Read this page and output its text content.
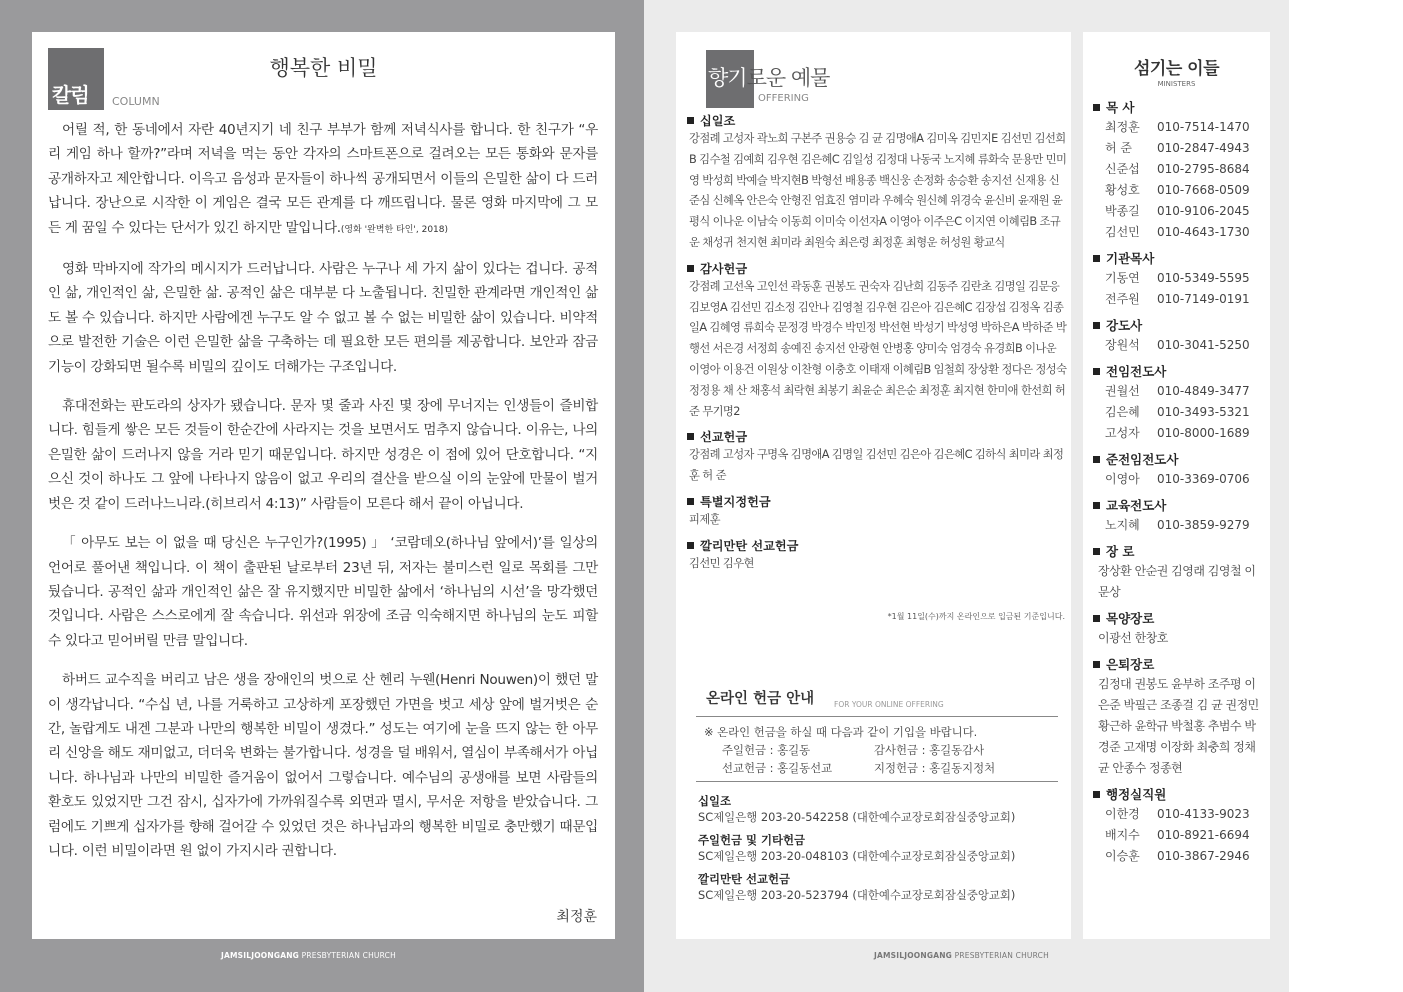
칼럼 COLUMN
행복한 비밀

어릴 적, 한 동네에서 자란 40년지기 네 친구 부부가 함께 저녁식사를 합니다. 한 친구가 “우리 게임 하나 할까?”라며 저녁을 먹는 동안 각자의 스마트폰으로 걸려오는 모든 통화와 문자를 공개하자고 제안합니다. 이윽고 음성과 문자들이 하나씩 공개되면서 이들의 은밀한 삶이 다 드러납니다. 장난으로 시작한 이 게임은 결국 모든 관계를 다 깨뜨립니다. 물론 영화 마지막에 그 모든 게 꿈일 수 있다는 단서가 있긴 하지만 말입니다.(영화 '완벽한 타인', 2018)

영화 막바지에 작가의 메시지가 드러납니다. 사람은 누구나 세 가지 삶이 있다는 겁니다. 공적인 삶, 개인적인 삶, 은밀한 삶. 공적인 삶은 대부분 다 노출됩니다. 친밀한 관계라면 개인적인 삶도 볼 수 있습니다. 하지만 사람에겐 누구도 알 수 없고 볼 수 없는 비밀한 삶이 있습니다. 비약적으로 발전한 기술은 이런 은밀한 삶을 구축하는 데 필요한 모든 편의를 제공합니다. 보안과 잠금기능이 강화되면 될수록 비밀의 깊이도 더해가는 구조입니다.

휴대전화는 판도라의 상자가 됐습니다. 문자 몇 줄과 사진 몇 장에 무너지는 인생들이 즐비합니다. 힘들게 쌓은 모든 것들이 한순간에 사라지는 것을 보면서도 멈추지 않습니다. 이유는, 나의 은밀한 삶이 드러나지 않을 거라 믿기 때문입니다. 하지만 성경은 이 점에 있어 단호합니다. “지으신 것이 하나도 그 앞에 나타나지 않음이 없고 우리의 결산을 받으실 이의 눈앞에 만물이 벌거벗은 것 같이 드러나느니라.(히브리서 4:13)” 사람들이 모른다 해서 끝이 아닙니다.

「 아무도 보는 이 없을 때 당신은 누구인가?(1995) 」 ‘코람데오(하나님 앞에서)’를 일상의 언어로 풀어낸 책입니다. 이 책이 출판된 날로부터 23년 뒤, 저자는 불미스런 일로 목회를 그만뒀습니다. 공적인 삶과 개인적인 삶은 잘 유지했지만 비밀한 삶에서 ‘하나님의 시선’을 망각했던 것입니다. 사람은 스스로에게 잘 속습니다. 위선과 위장에 조금 익숙해지면 하나님의 눈도 피할 수 있다고 믿어버릴 만큼 말입니다.

하버드 교수직을 버리고 남은 생을 장애인의 벗으로 산 헨리 누웬(Henri Nouwen)이 했던 말이 생각납니다. “수십 년, 나를 거룩하고 고상하게 포장했던 가면을 벗고 세상 앞에 벌거벗은 순간, 놀랍게도 내겐 그분과 나만의 행복한 비밀이 생겼다.” 성도는 여기에 눈을 뜨지 않는 한 아무리 신앙을 해도 재미없고, 더더욱 변화는 불가합니다. 성경을 덜 배워서, 열심이 부족해서가 아닙니다. 하나님과 나만의 비밀한 즐거움이 없어서 그렇습니다. 예수님의 공생애를 보면 사람들의 환호도 있었지만 그건 잠시, 십자가에 가까워질수록 외면과 멸시, 무서운 저항을 받았습니다. 그럼에도 기쁘게 십자가를 향해 걸어갈 수 있었던 것은 하나님과의 행복한 비밀로 충만했기 때문입니다. 이런 비밀이라면 원 없이 가지시라 권합니다.

최정훈
JAMSILJOONGANG PRESBYTERIAN CHURCH
향기로운 예물
OFFERING
십일조
강점례 고성자 곽노희 구본주 권용승 김 균 김명애A 김미옥 김민지E 김선민 김선희B 김수철 김예희 김우현 김은혜C 김일성 김정대 나동국 노지혜 류화숙 문용만 민미영 박성희 박예슬 박지현B 박형선 배용종 백신웅 손정화 송승환 송지선 신재용 신준심 신혜옥 안은숙 안형진 엄효진 염미라 우혜숙 원신혜 위경숙 윤신비 윤재원 윤평식 이나운 이남숙 이동희 이미숙 이선자A 이영아 이주은C 이지연 이혜림B 조규운 채성귀 천지현 최미라 최원숙 최은령 최정훈 최형운 허성원 황교식
감사헌금
강점례 고선옥 고인선 곽동훈 권봉도 권숙자 김난희 김동주 김란초 김명일 김문응 김보영A 김선민 김소정 김안나 김영철 김우현 김은아 김은혜C 김장섭 김정옥 김종일A 김혜영 류희숙 문정경 박경수 박민정 박선현 박성기 박성영 박하은A 박하준 박행선 서은경 서정희 송예진 송지선 안광현 안병홍 양미숙 엄경숙 유경희B 이나운 이영아 이용건 이원상 이찬형 이충호 이태재 이혜림B 임철희 장상환 정다은 정성숙 정정용 채 산 채홍석 최락현 최봉기 최윤순 최은순 최정훈 최지현 한미애 한선희 허 준 무기명2
선교헌금
강점례 고성자 구명옥 김명애A 김명일 김선민 김은아 김은혜C 김하식 최미라 최정훈 허 준
특별지정헌금
피제훈
깔리만탄 선교헌금
김선민 김우현
*1월 11일(수)까지 온라인으로 입금된 기준입니다.
온라인 헌금 안내	FOR YOUR ONLINE OFFERING
※ 온라인 헌금을 하실 때 다음과 같이 기입을 바랍니다.
주일헌금 : 홍길동	감사헌금 : 홍길동감사
선교헌금 : 홍길동선교	지정헌금 : 홍길동지정처
십일조
SC제일은행 203-20-542258 (대한예수교장로회잠실중앙교회)
주일헌금 및 기타헌금
SC제일은행 203-20-048103 (대한예수교장로회잠실중앙교회)
깔리만탄 선교헌금
SC제일은행 203-20-523794 (대한예수교장로회잠실중앙교회)
섬기는 이들
MINISTERS
목 사
최정훈	010-7514-1470
허 준	010-2847-4943
신준섭	010-2795-8684
황성호	010-7668-0509
박종길	010-9106-2045
김선민	010-4643-1730
기관목사
기동연	010-5349-5595
전주원	010-7149-0191
강도사
장원석	010-3041-5250
전임전도사
권월선	010-4849-3477
김은혜	010-3493-5321
고성자	010-8000-1689
준전임전도사
이영아	010-3369-0706
교육전도사
노지혜	010-3859-9279
장 로
장상환 안순권 김영래 김영철 이문상
목양장로
이광선 한창호
은퇴장로
김정대 권봉도 윤부하 조주평 이은준 박필근 조종걸 김 균 권정민 황근하 윤학규 박철홍 추범수 박경준 고재명 이장화 최충희 정채균 안종수 정종현
행정실직원
이한경	010-4133-9023
배지수	010-8921-6694
이승훈	010-3867-2946
JAMSILJOONGANG PRESBYTERIAN CHURCH
